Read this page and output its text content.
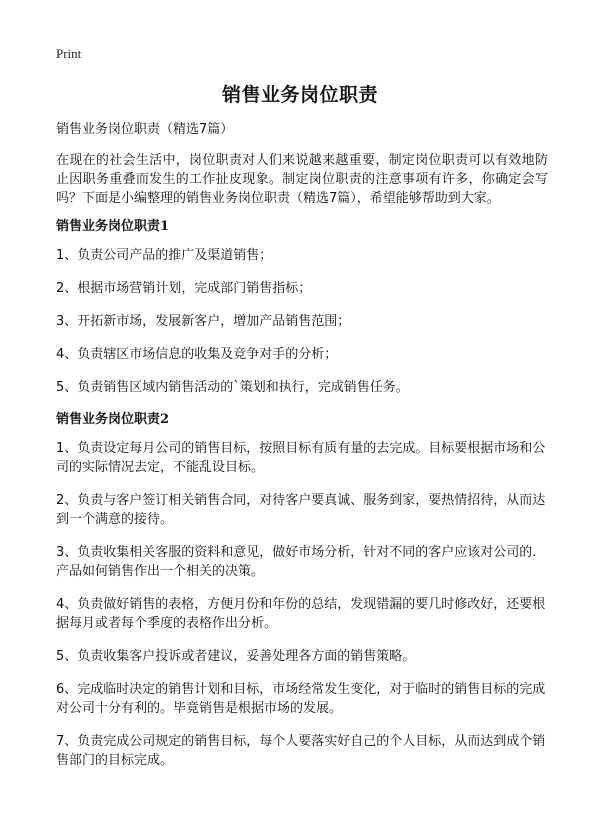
Print
销售业务岗位职责

销售业务岗位职责（精选7篇）

在现在的社会生活中，岗位职责对人们来说越来越重要，制定岗位职责可以有效地防止因职务重叠而发生的工作扯皮现象。制定岗位职责的注意事项有许多，你确定会写吗？下面是小编整理的销售业务岗位职责（精选7篇），希望能够帮助到大家。

销售业务岗位职责1

1、负责公司产品的推广及渠道销售；

2、根据市场营销计划，完成部门销售指标；

3、开拓新市场，发展新客户，增加产品销售范围；

4、负责辖区市场信息的收集及竞争对手的分析；

5、负责销售区域内销售活动的`策划和执行，完成销售任务。

销售业务岗位职责2

1、负责设定每月公司的销售目标，按照目标有质有量的去完成。目标要根据市场和公司的实际情况去定，不能乱设目标。

2、负责与客户签订相关销售合同，对待客户要真诚、服务到家，要热情招待，从而达到一个满意的接待。

3、负责收集相关客服的资料和意见，做好市场分析，针对不同的客户应该对公司的.产品如何销售作出一个相关的决策。

4、负责做好销售的表格，方便月份和年份的总结，发现错漏的要几时修改好，还要根据每月或者每个季度的表格作出分析。

5、负责收集客户投诉或者建议，妥善处理各方面的销售策略。

6、完成临时决定的销售计划和目标，市场经常发生变化，对于临时的销售目标的完成对公司十分有利的。毕竟销售是根据市场的发展。

7、负责完成公司规定的销售目标，每个人要落实好自己的个人目标，从而达到成个销售部门的目标完成。
